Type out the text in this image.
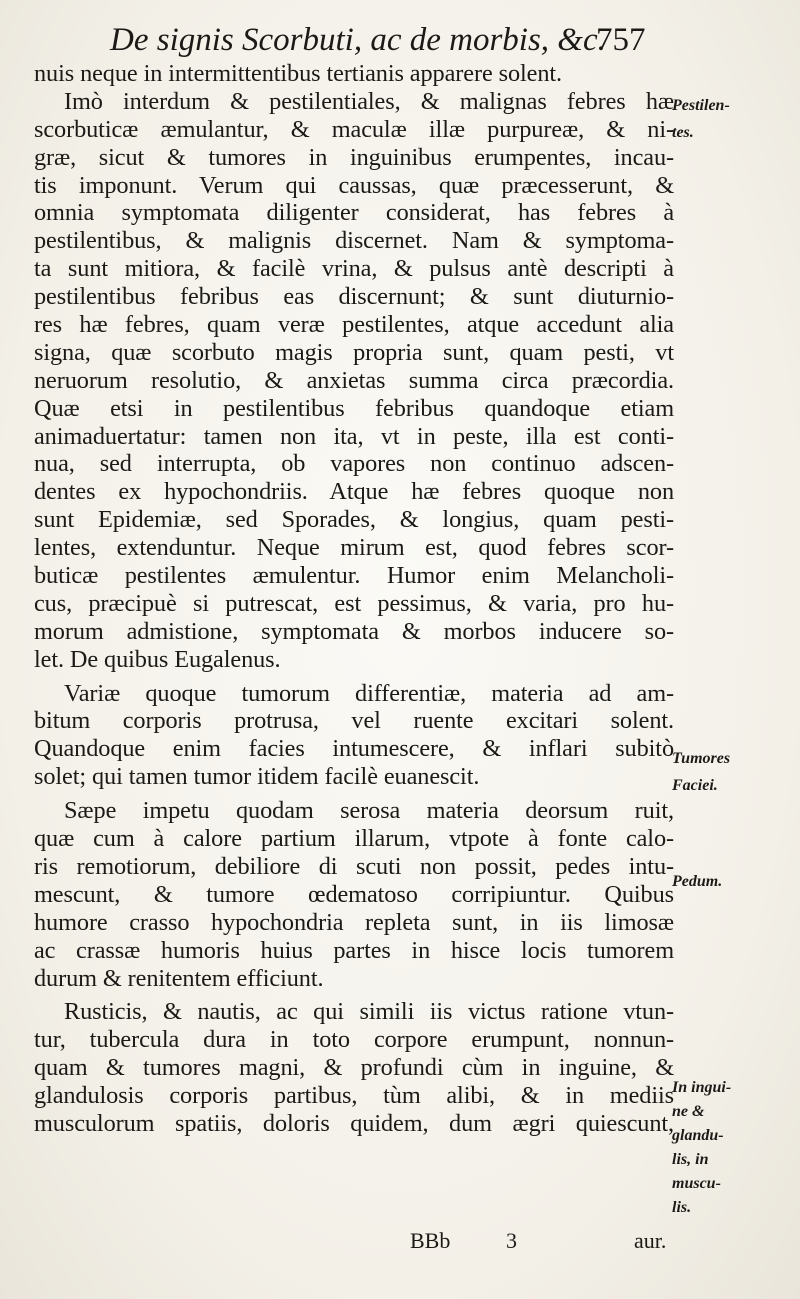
De signis Scorbuti, ac de morbis, &c.
757
nuis neque in intermittentibus tertianis apparere solent.
Imò interdum & pestilentiales, & malignas febres hæ
scorbuticæ æmulantur, & maculæ illæ purpureæ, & ni-
græ, sicut & tumores in inguinibus erumpentes, incau-
tis imponunt. Verum qui caussas, quæ præcesserunt, &
omnia symptomata diligenter considerat, has febres à
pestilentibus, & malignis discernet. Nam & symptoma-
ta sunt mitiora, & facilè vrina, & pulsus antè descripti à
pestilentibus febribus eas discernunt; & sunt diuturnio-
res hæ febres, quam veræ pestilentes, atque accedunt alia
signa, quæ scorbuto magis propria sunt, quam pesti, vt
neruorum resolutio, & anxietas summa circa præcordia.
Quæ etsi in pestilentibus febribus quandoque etiam
animaduertatur: tamen non ita, vt in peste, illa est conti-
nua, sed interrupta, ob vapores non continuo adscen-
dentes ex hypochondriis. Atque hæ febres quoque non
sunt Epidemiæ, sed Sporades, & longius, quam pesti-
lentes, extenduntur. Neque mirum est, quod febres scor-
buticæ pestilentes æmulentur. Humor enim Melancholi-
cus, præcipuè si putrescat, est pessimus, & varia, pro hu-
morum admistione, symptomata & morbos inducere so-
let. De quibus Eugalenus.
Variæ quoque tumorum differentiæ, materia ad am-
bitum corporis protrusa, vel ruente excitari solent.
Quandoque enim facies intumescere, & inflari subitò
solet; qui tamen tumor itidem facilè euanescit.
Sæpe impetu quodam serosa materia deorsum ruit,
quæ cum à calore partium illarum, vtpote à fonte calo-
ris remotiorum, debiliore di scuti non possit, pedes intu-
mescunt, & tumore œdematoso corripiuntur. Quibus
humore crasso hypochondria repleta sunt, in iis limosæ
ac crassæ humoris huius partes in hisce locis tumorem
durum & renitentem efficiunt.
Rusticis, & nautis, ac qui simili iis victus ratione vtun-
tur, tubercula dura in toto corpore erumpunt, nonnun-
quam & tumores magni, & profundi cùm in inguine, &
glandulosis corporis partibus, tùm alibi, & in mediis
musculorum spatiis, doloris quidem, dum ægri quiescunt,
Pestilen-
tes.
Tumores
Faciei.
Pedum.
In ingui-
ne &
glandu-
lis, in
muscu-
lis.
BBb	3	aur.
